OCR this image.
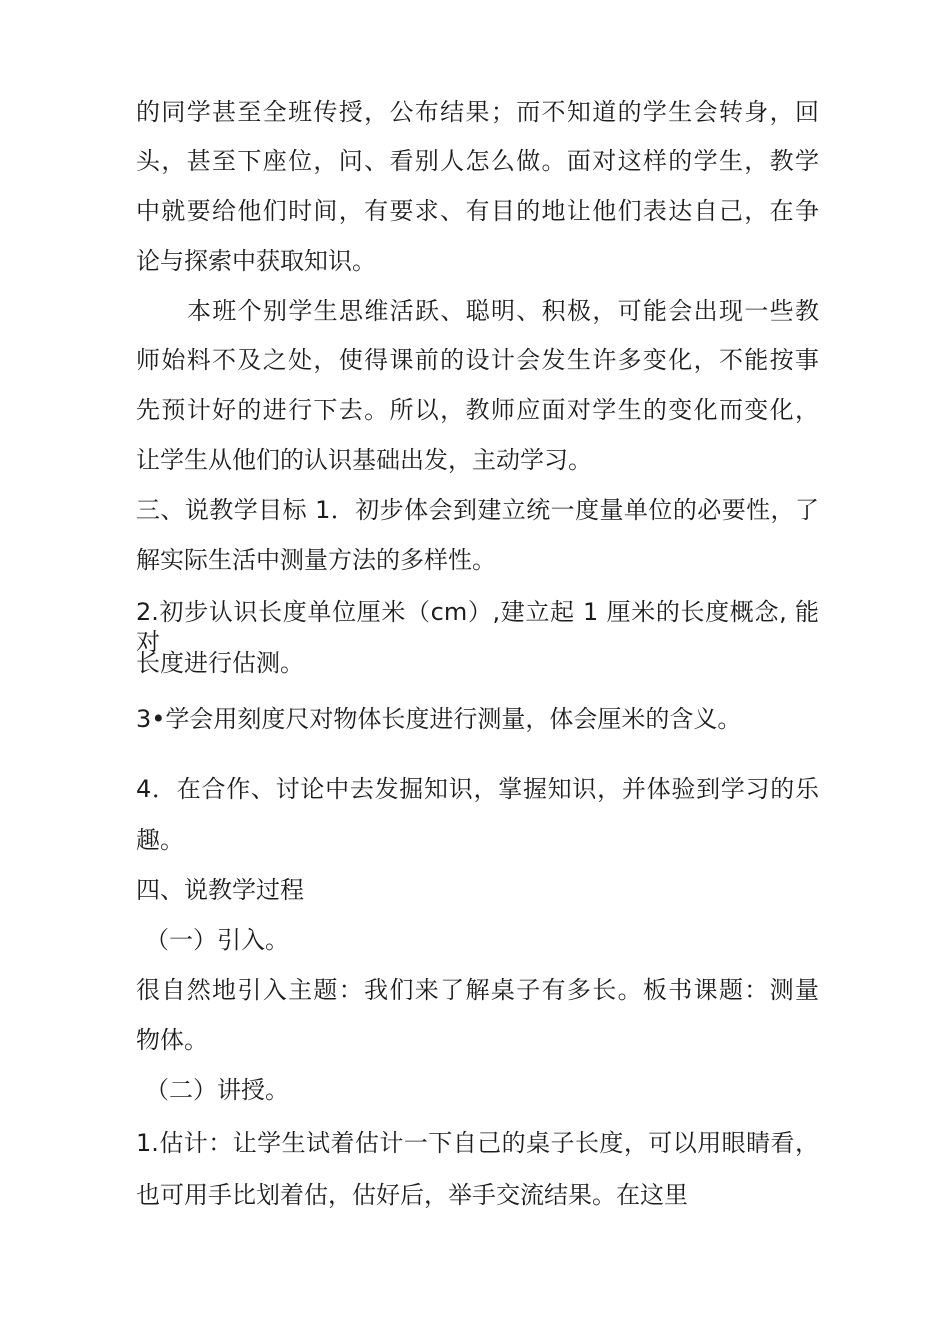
的同学甚至全班传授，公布结果；而不知道的学生会转身，回

头，甚至下座位，问、看别人怎么做。面对这样的学生，教学

中就要给他们时间，有要求、有目的地让他们表达自己，在争

论与探索中获取知识。

本班个别学生思维活跃、聪明、积极，可能会出现一些教

师始料不及之处，使得课前的设计会发生许多变化，不能按事

先预计好的进行下去。所以，教师应面对学生的变化而变化，

让学生从他们的认识基础出发，主动学习。

三、说教学目标 1．初步体会到建立统一度量单位的必要性，了

解实际生活中测量方法的多样性。

2.初步认识长度单位厘米（cm）,建立起 1 厘米的长度概念, 能对

长度进行估测。

3•学会用刻度尺对物体长度进行测量，体会厘米的含义。

4．在合作、讨论中去发掘知识，掌握知识，并体验到学习的乐

趣。

四、说教学过程

（一）引入。

很自然地引入主题：我们来了解桌子有多长。板书课题：测量

物体。

（二）讲授。

1.估计：让学生试着估计一下自己的桌子长度，可以用眼睛看，

也可用手比划着估，估好后，举手交流结果。在这里
